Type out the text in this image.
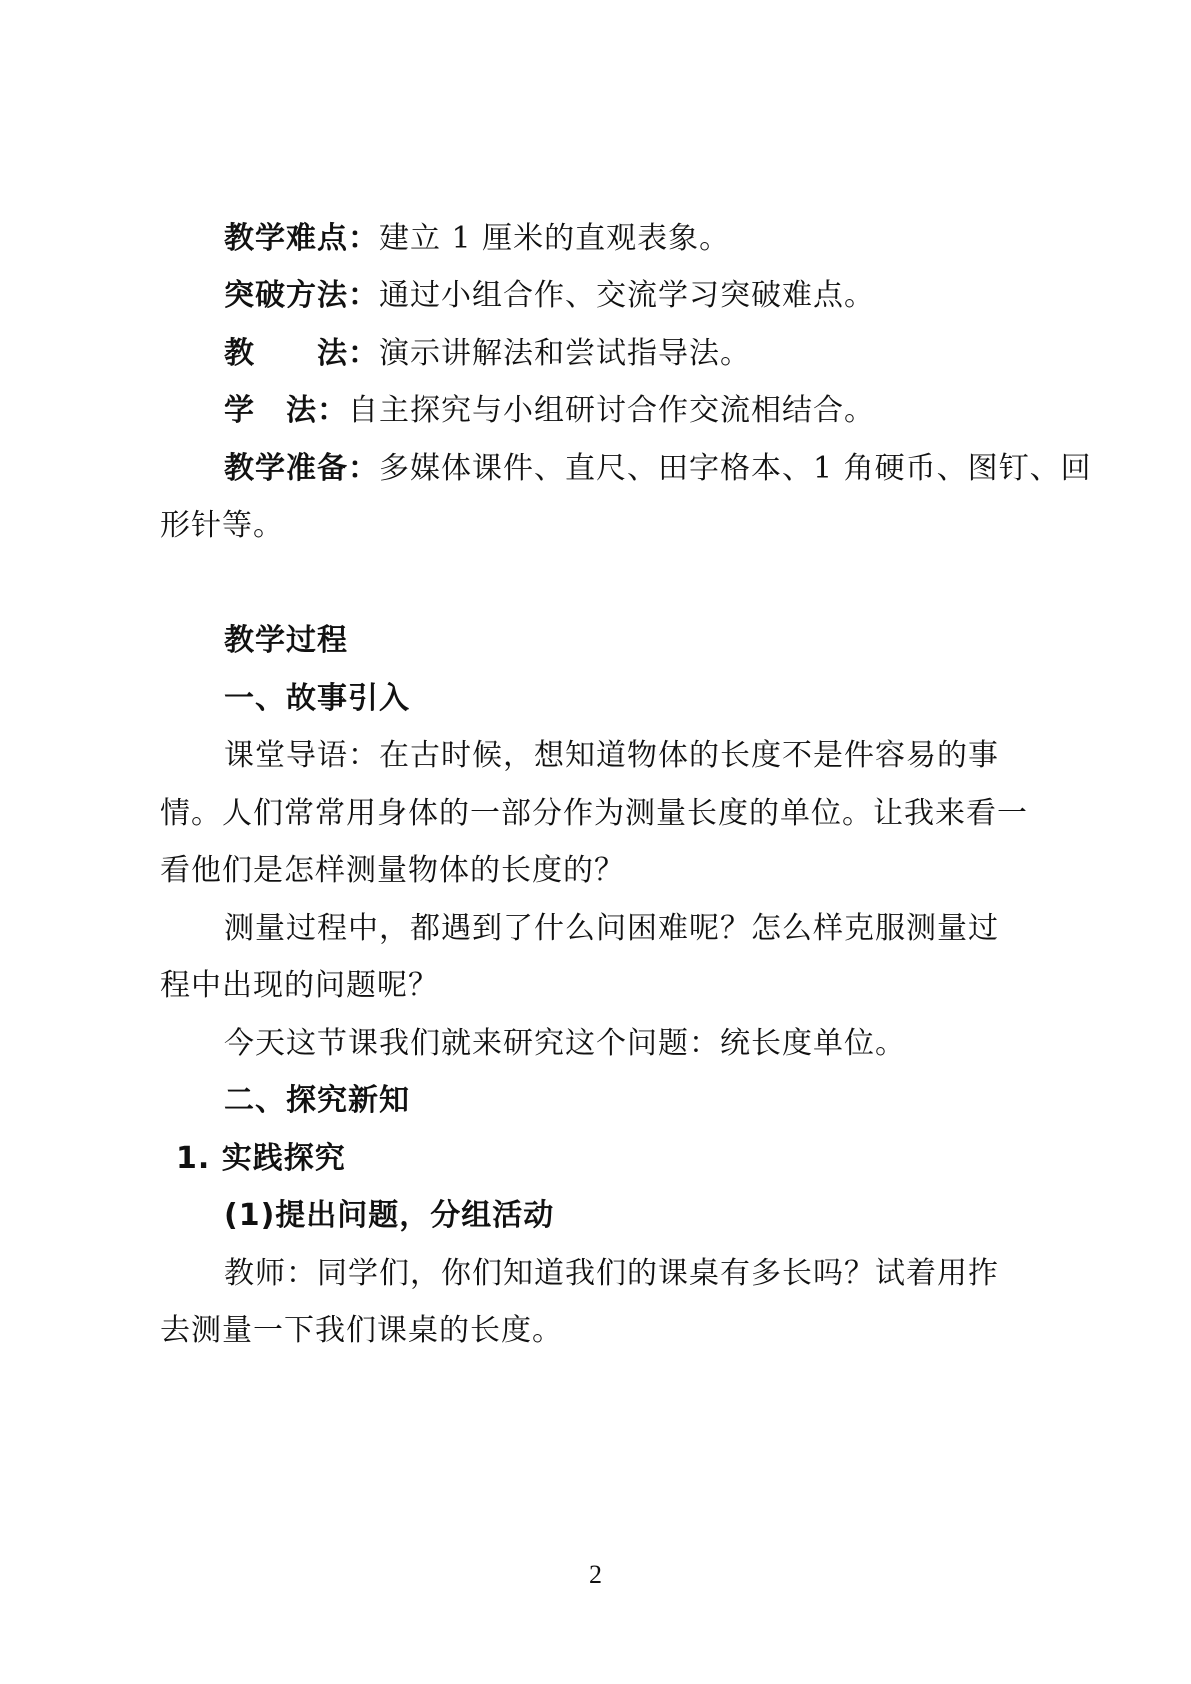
教学难点：建立 1 厘米的直观表象。
突破方法：通过小组合作、交流学习突破难点。
教　　法：演示讲解法和尝试指导法。
学　法：自主探究与小组研讨合作交流相结合。
教学准备：多媒体课件、直尺、田字格本、1 角硬币、图钉、回
形针等。
教学过程
一、故事引入
课堂导语：在古时候，想知道物体的长度不是件容易的事
情。人们常常用身体的一部分作为测量长度的单位。让我来看一
看他们是怎样测量物体的长度的？
测量过程中，都遇到了什么问困难呢？怎么样克服测量过
程中出现的问题呢？
今天这节课我们就来研究这个问题：统长度单位。
二、探究新知
1. 实践探究
(1)提出问题，分组活动
教师：同学们，你们知道我们的课桌有多长吗？试着用拃
去测量一下我们课桌的长度。
2
